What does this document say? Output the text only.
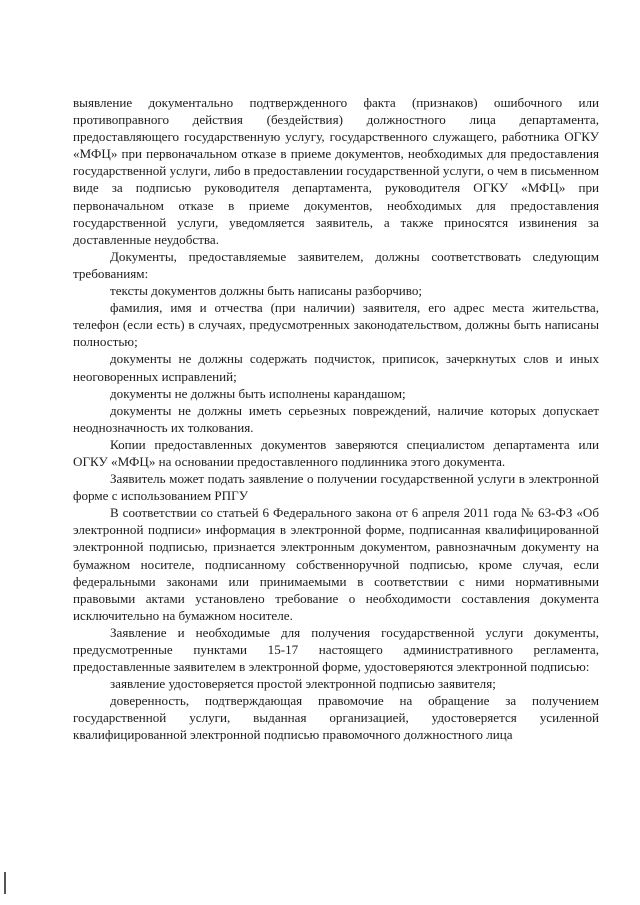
выявление документально подтвержденного факта (признаков) ошибочного или противоправного действия (бездействия) должностного лица департамента, предоставляющего государственную услугу, государственного служащего, работника ОГКУ «МФЦ» при первоначальном отказе в приеме документов, необходимых для предоставления государственной услуги, либо в предоставлении государственной услуги, о чем в письменном виде за подписью руководителя департамента, руководителя ОГКУ «МФЦ» при первоначальном отказе в приеме документов, необходимых для предоставления государственной услуги, уведомляется заявитель, а также приносятся извинения за доставленные неудобства.

Документы, предоставляемые заявителем, должны соответствовать следующим требованиям:

тексты документов должны быть написаны разборчиво;

фамилия, имя и отчества (при наличии) заявителя, его адрес места жительства, телефон (если есть) в случаях, предусмотренных законодательством, должны быть написаны полностью;

документы не должны содержать подчисток, приписок, зачеркнутых слов и иных неоговоренных исправлений;

документы не должны быть исполнены карандашом;

документы не должны иметь серьезных повреждений, наличие которых допускает неоднозначность их толкования.

Копии предоставленных документов заверяются специалистом департамента или ОГКУ «МФЦ» на основании предоставленного подлинника этого документа.

Заявитель может подать заявление о получении государственной услуги в электронной форме с использованием РПГУ

В соответствии со статьей 6 Федерального закона от 6 апреля 2011 года № 63-ФЗ «Об электронной подписи» информация в электронной форме, подписанная квалифицированной электронной подписью, признается электронным документом, равнозначным документу на бумажном носителе, подписанному собственноручной подписью, кроме случая, если федеральными законами или принимаемыми в соответствии с ними нормативными правовыми актами установлено требование о необходимости составления документа исключительно на бумажном носителе.

Заявление и необходимые для получения государственной услуги документы, предусмотренные пунктами 15-17 настоящего административного регламента, предоставленные заявителем в электронной форме, удостоверяются электронной подписью:

заявление удостоверяется простой электронной подписью заявителя;

доверенность, подтверждающая правомочие на обращение за получением государственной услуги, выданная организацией, удостоверяется усиленной квалифицированной электронной подписью правомочного должностного лица
